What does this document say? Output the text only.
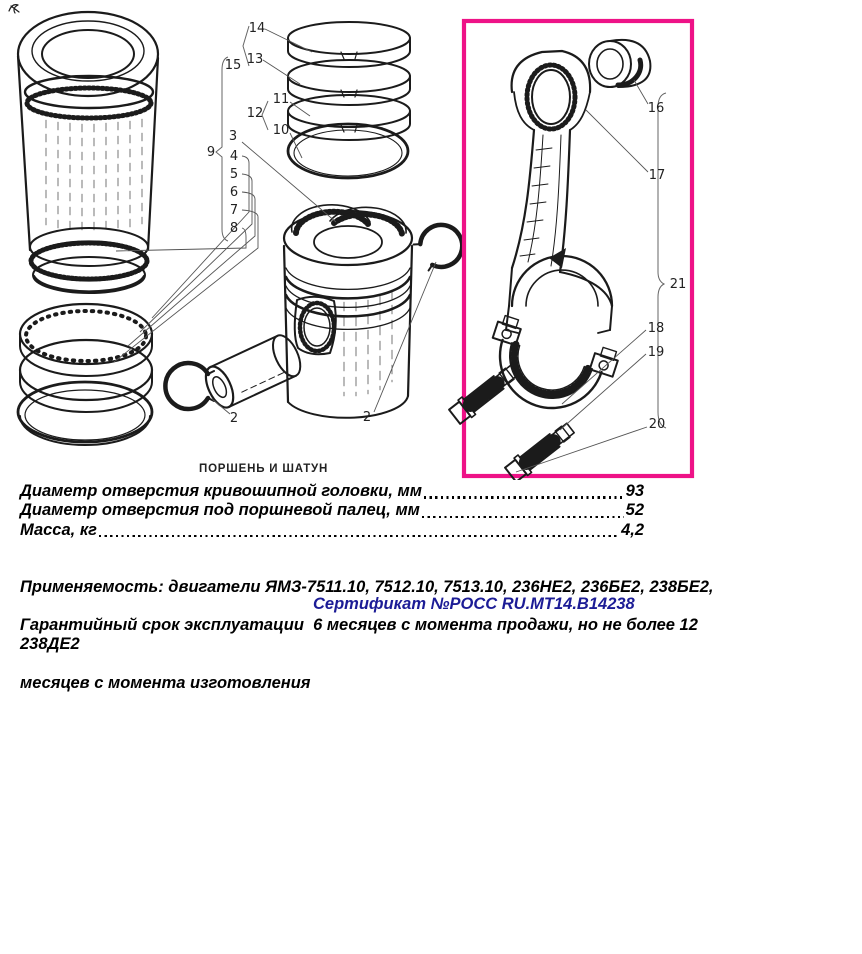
14
13
15
12
11
10
3
9 4
5
6
7
8
2	2
16
17
21
18
19
20
ПОРШЕНЬ И ШАТУН
Диаметр отверстия кривошипной головки, мм	93
Диаметр отверстия под поршневой палец, мм	52
Масса, кг	4,2

Применяемость: двигатели ЯМЗ-7511.10, 7512.10, 7513.10, 236НЕ2, 236БЕ2, 238БЕ2,

238ДЕ2

Гарантийный срок эксплуатации  6 месяцев с момента продажи, но не более 12

месяцев с момента изготовления

Сертификат №РОСС RU.MT14.B14238
